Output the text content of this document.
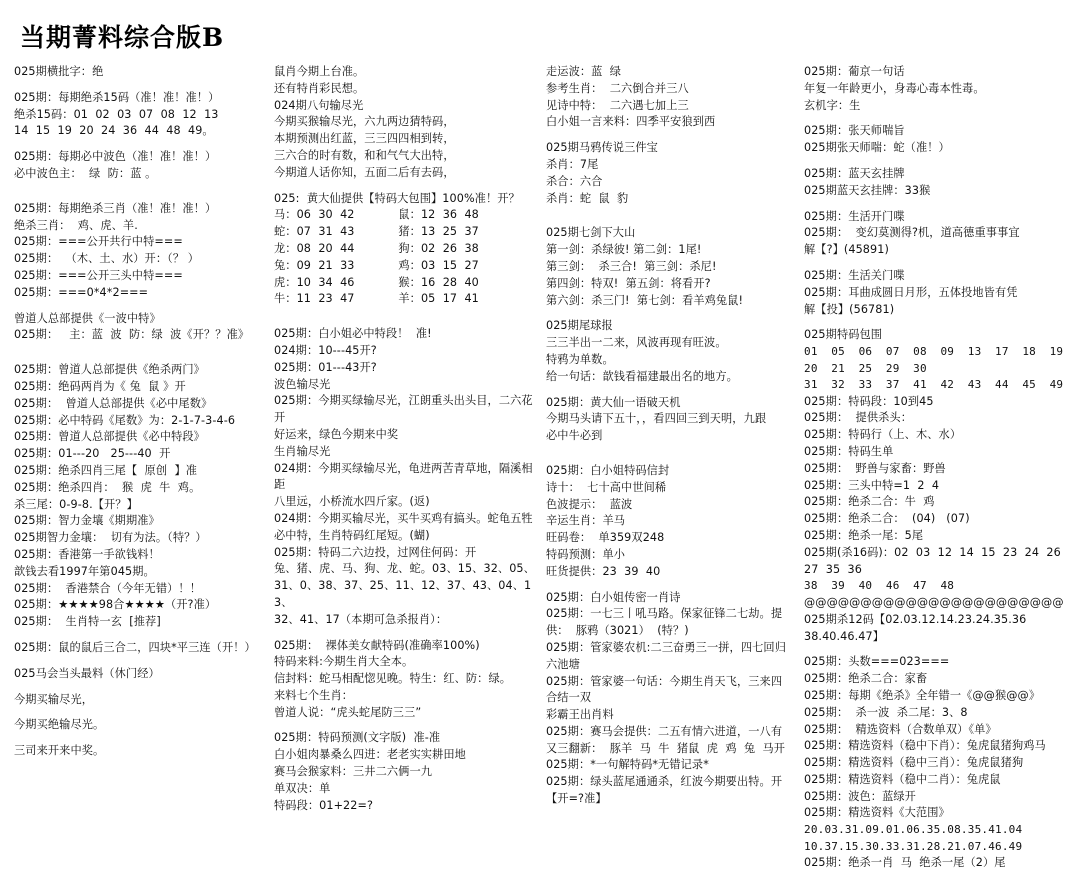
当期菁料综合版B

025期横批字：绝

025期：每期绝杀15码（准！准！准！）

绝杀15码：01  02  03  07  08  12  13

14  15  19  20  24  36  44  48  49。

025期：每期必中波色（准！准！准！）

必中波色主：  绿  防：蓝 。

025期：每期绝杀三肖（准！准！准！）

绝杀三肖：  鸡、虎、羊.

025期：===公开共行中特===

025期：  （木、土、水）开：（？ ）

025期：===公开三头中特===

025期：===0*4*2===

曾道人总部提供《一波中特》

025期：   主：蓝  波  防：绿  波《开？？准》

025期：曾道人总部提供《绝杀两门》

025期：绝码两肖为《 兔  鼠 》开

025期：  曾道人总部提供《必中尾数》

025期：必中特码《尾数》为：2-1-7-3-4-6

025期：曾道人总部提供《必中特段》

025期：01---20   25---40  开

025期：绝杀四肖三尾【  原创  】准

025期：绝杀四肖：  猴  虎  牛  鸡。

杀三尾：0-9-8.【开？】

025期：智力金壤《期期准》

025期智力金壤：  切有为法。（特？）

025期：香港第一手欲钱料！

歆钱去看1997年第045期。

025期：  香港禁合（今年无错）！！

025期：★★★★98合★★★★（开?准）

025期：  生肖特一玄  [推荐]

025期：鼠的鼠后三合二，四块*平三连（开！）

025马会当头最料（休门经）

今期买输尽光，

今期买绝输尽光。

三司来开来中奖。

鼠肖今期上台准。

还有特肖彩民想。

024期八句输尽光

今期买猴输尽光，六九两边猜特码，

本期预测出红蓝，三三四四相到转，

三六合的时有数，和和气气大出特，

今期道人话你知，五面二后有去码，

025:  黄大仙提供【特码大包围】100%准！开？

马：06  30  42            鼠：12  36  48

蛇：07  31  43            猪：13  25  37

龙：08  20  44            狗：02  26  38

兔：09  21  33            鸡：03  15  27

虎：10  34  46            猴：16  28  40

牛：11  23  47            羊：05  17  41

025期：白小姐必中特段！  准!

024期：10---45开?

025期：01---43开?

波色输尽光

025期：今期买绿输尽光，江朗重头出头目，二六花开

好运来，绿色今期来中奖

生肖输尽光

024期：今期买绿输尽光，龟进两苦青草地，隔溪相距

八里远，小桥流水四斤家。(返)

024期：今期买输尽光，买牛买鸡有搞头。蛇龟五牲

必中特，生肖特码红尾短。(蝴)

025期：特码二六边投，过网住何码：开

兔、猪、虎、马、狗、龙、蛇。03、15、32、05、

31、0、38、37、25、11、12、37、43、04、13、

32、41、17（本期可急杀报肖）：

025期：  裸体美女献特码(准确率100%)

特码来料:今期生肖大全本。

信封料：蛇马相配惚见晚。特生：红、防：绿。

来料七个生肖：

曾道人说：“虎头蛇尾防三三”

025期：特码预测(文字版)  准-准

白小姐肉暴桑么四进：老老实实耕田地

赛马会猴家料：三井二六俩一九

单双决：单

特码段：01+22=?

走运波：蓝  绿

参考生肖：  二六倒合并三八

见诗中特：  二六遇七加上三

白小姐一言来料：四季平安狼到西

025期马鸦传说三件宝

杀肖：7尾

杀合：六合

杀肖：蛇  鼠  豹

025期七剑下大山

第一剑：杀绿彼! 第二剑：1尾!

第三剑：  杀三合!  第三剑：杀尼!

第四剑：特双!  第五剑：将看开?

第六剑：杀三门!  第七剑：看羊鸡兔鼠!

025期尾球报

三三半出一二来，风波再现有旺波。

特鸦为单数。

给一句话：歆钱看福建最出名的地方。

025期：黄大仙一语破天机

今期马头请下五十，，看四回三到天明，九跟

必中牛必到

025期：白小姐特码信封

诗十：  七十高中世间稀

色波提示：  蓝波

辛运生肖：羊马

旺码卷：  单359双248

特码预测：单小

旺货提供：23  39  40

025期：白小姐传密一肖诗

025期：一七三丨吼马路。保家征锋二七劫。提

供：  豚鸦（3021）  (特？)

025期：管家婆农机:二三奋勇三一拼，四七回归

六池塘

025期：管家婆一句话：今期生肖天飞，三来四

合结一双

彩霸王出肖料

025期：赛马会提供：二五有情六进道，一八有

又三翻新：  豚羊  马  牛  猪鼠  虎  鸡  兔  马开

025期：*一句解特码*无错记录*

025期：绿头蓝尾通通杀，红波今期要出特。开

【开=?准】

025期：葡京一句话

年复一年龄更小，身毒心毒本性毒。

玄机字：生

025期：张天师喘旨

025期张天师喘：蛇（准！）

025期：蓝天玄挂牌

025期蓝天玄挂牌：33猴

025期：生活开门喋

025期：  变幻莫测得?机，道高德重事事宜

解【?】(45891)

025期：生活关门喋

025期：耳曲成圆日月形，五体投地皆有凭

解【投】(56781)

025期特码包围

01  05  06  07  08  09  13  17  18  19  20  21  25  29  30

31  32  33  37  41  42  43  44  45  49

025期：特码段：10到45

025期：  提供杀头：

025期：特码行（上、木、水）

025期：特码生单

025期：  野兽与家畜：野兽

025期：三头中特=1  2  4

025期：绝杀二合：牛  鸡

025期：绝杀二合：  (04)   (07)

025期：绝杀一尾：5尾

025期(杀16码)：02  03  12  14  15  23  24  26  27  35  36

38  39  40  46  47  48

@@@@@@@@@@@@@@@@@@@@@@@

025期杀12码【02.03.12.14.23.24.35.36

38.40.46.47】

025期：头数===023===

025期：绝杀二合：家畜

025期：每期《绝杀》全年错一《@@猴@@》

025期：  杀一波  杀二尾：3、8

025期：  精选资料（合数单双）《单》

025期：精选资料（稳中下肖）：兔虎鼠猪狗鸡马

025期：精选资料（稳中三肖）：兔虎鼠猪狗

025期：精选资料（稳中二肖）：兔虎鼠

025期：波色：蓝绿开

025期：精选资料《大范围》

20.03.31.09.01.06.35.08.35.41.04

10.37.15.30.33.31.28.21.07.46.49

025期：绝杀一肖  马  绝杀一尾（2）尾
